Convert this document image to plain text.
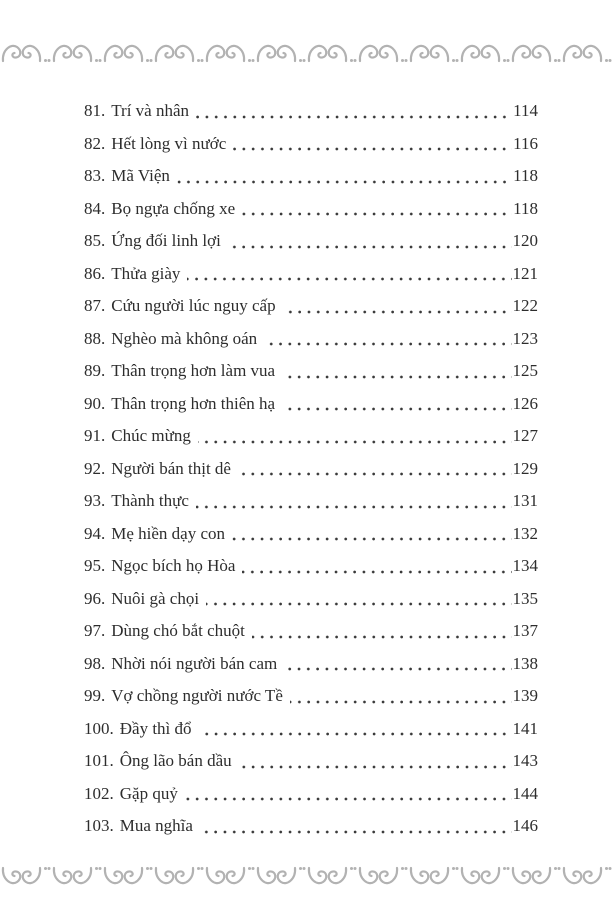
81. Trí và nhân	114
82. Hết lòng vì nước	116
83. Mã Viện	118
84. Bọ ngựa chống xe	118
85. Ứng đối linh lợi	120
86. Thửa giày	121
87. Cứu người lúc nguy cấp	122
88. Nghèo mà không oán	123
89. Thân trọng hơn làm vua	125
90. Thân trọng hơn thiên hạ	126
91. Chúc mừng	127
92. Người bán thịt dê	129
93. Thành thực	131
94. Mẹ hiền dạy con	132
95. Ngọc bích họ Hòa	134
96. Nuôi gà chọi	135
97. Dùng chó bắt chuột	137
98. Nhời nói người bán cam	138
99. Vợ chồng người nước Tề	139
100. Đầy thì đổ	141
101. Ông lão bán dầu	143
102. Gặp quỷ	144
103. Mua nghĩa	146
